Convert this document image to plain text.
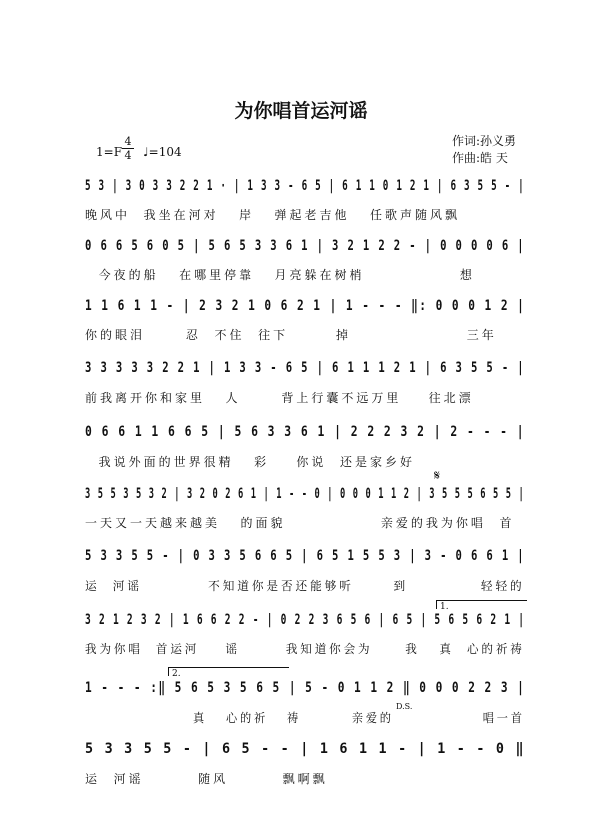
为你唱首运河谣
1=F
4
4 ♩=104
作词:孙义勇
作曲:皓 天
5 3 | 3 0 3 3 2 2 1 · | 1 3 3 - 6 5 | 6 1 1 0 1 2 1 | 6 3 5 5 - |
晚风中  我坐在河对   岸   弹起老吉他   任歌声随风飘
0 6 6 5 6 0 5 | 5 6 5 3 3 6 1 | 3 2 1 2 2 - | 0 0 0 0 6 |
今夜的船   在哪里停靠   月亮躲在树梢              想
1 1 6 1 1 - | 2 3 2 1 0 6 2 1 | 1 - - - ‖: 0 0 0 1 2 |
你的眼泪      忍  不住  往下       掉                 三年
3 3 3 3 3 2 2 1 | 1 3 3 - 6 5 | 6 1 1 1 2 1 | 6 3 5 5 - |
前我离开你和家里   人      背上行囊不远万里    往北漂
0 6 6 1 1 6 6 5 | 5 6 3 3 6 1 | 2 2 2 3 2 | 2 - - - |
我说外面的世界很精   彩    你说  还是家乡好
𝄋
3 5 5 3 5 3 2 | 3 2 0 2 6 1 | 1 - - 0 | 0 0 0 1 1 2 | 3 5 5 5 6 5 5 |
一天又一天越来越美   的面貌              亲爱的我为你唱  首
5 3 3 5 5 - | 0 3 3 5 6 6 5 | 6 5 1 5 5 3 | 3 - 0 6 6 1 |
运  河谣          不知道你是否还能够听      到           轻轻的
1.
3 2 1 2 3 2 | 1 6 6 2 2 - | 0 2 2 3 6 5 6 | 6 5 | 5 6 5 6 2 1 |
我为你唱  首运河    谣       我知道你会为     我   真  心的祈祷
2.
1 - - - :‖ 5 6 5 3 5 6 5 | 5 - 0 1 1 2 ‖ 0 0 0 2 2 3 |
D.S.
真   心的祈   祷        亲爱的              唱一首
5 3 3 5 5 - | 6 5 - - | 1 6 1 1 - | 1 - - 0 ‖
运  河谣        随风        飘啊飘
